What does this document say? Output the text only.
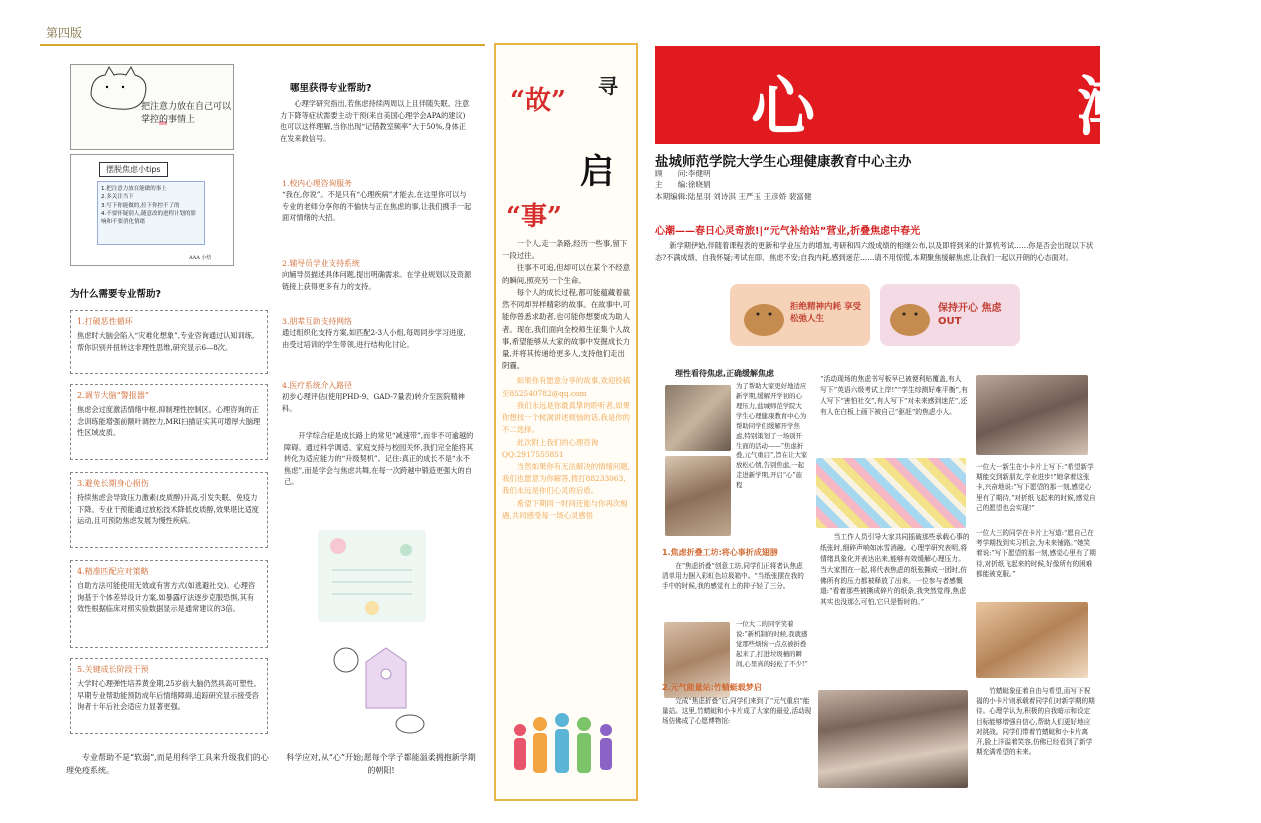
第四版
把注意力放在自己可以掌控的事情上
摆脱焦虑小tips
1.把注意力放在能做的事上
2.多关注当下
3.写下你能做的,拉下你控不了的
4.不要怀疑别人,随意改的进程计划的影响和不要消化情绪
AAA 小结
为什么需要专业帮助?
1.打破恶性循环
焦虑时大脑会陷入“灾难化想象”,专业咨询通过认知训练,帮你识别并扭转这非理性思维,研究显示6—8次。
2.调节大脑“警报器”
焦虑会过度激活情绪中枢,抑制理性控制区。心理咨询的正念训练能增强前额叶调控力,MRI扫描证实其可增厚大脑理性区域皮质。
3.避免长期身心损伤
持续焦虑会导致压力激素(皮质醇)升高,引发失眠、免疫力下降。专业干预能通过放松技术降低皮质醇,效果堪比适度运动,且可预防焦虑发展为慢性疾病。
4.精准匹配应对策略
自助方法可能使用无效或有害方式(如逃避社交)。心理咨询基于个体差异设计方案,如暴露疗法逐步克服恐惧,其有效性根据临床对照实验数据显示是通常建议的3倍。
5.关键成长阶段干预
大学时心理弹性培养黄金期,25岁前大脑仍然具高可塑性。早期专业帮助能预防成年后情绪障碍,追踪研究显示接受咨询者十年后社会适应力显著更强。
专业帮助不是“软弱”,而是用科学工具来升级我们的心理免疫系统。
哪里获得专业帮助?
心理学研究指出,若焦虑持续两周以上且伴随失眠、注意力下降等症状需要主动干预(来自美国心理学会APA的建议)也可以这样理解,当你出现“记错教室频率”大于50%,身体正在发来救信号。
1.校内心理咨询服务
“我在,你说”。不是只有“心理疾病”才能去,在这里你可以与专业的老师分享你的不愉快与正在焦虑的事,让我们携手一起面对情绪的大招。
2.辅导员学业支持系统
向辅导员描述具体问题,提出明确需求。在学业规划以及资源链接上获得更多有力的支持。
3.朋辈互助支持网络
通过组织化支持方案,如匹配2-3人小组,每周同步学习进度,由受过培训的学生带领,进行结构化讨论。
4.医疗系统介入路径
初步心理评估(使用PHD-9、GAD-7量表)转介至医院精神科。
开学综合症是成长路上的常见“减速带”,而非不可逾越的障碍。通过科学调适、家庭支持与校园关怀,我们完全能将其转化为适应能力的“升级契机”。记住:真正的成长不是“永不焦虑”,而是学会与焦虑共舞,在每一次跨越中锻造更强大的自己。
科学应对,从“心”开始;愿每个学子都能温柔拥抱新学期的朝阳!
“故” 寻
启
“事”
一个人,走一条路,经历一些事,留下一段过往。
往事不可追,但却可以在某个不经意的瞬间,照亮另一个生命。
每个人的成长过程,都可能蕴藏着截然不同却异样精彩的故事。在故事中,可能你曾悉求助者,也可能你想要成为助人者。现在,我们面向全校师生征集个人故事,希望能够从大家的故事中发掘成长力量,并将其传递给更多人,支持他们走出阴霾。
如果你有愿意分享的故事,欢迎投稿至852540782@qq.com
我们永远是你最真挚的聆听者,如果你想找一个树洞讲述烦恼的话,我是你的不二选择。
此次附上我们的心理咨询QQ:2917555851
当然如果你有无法解决的情绪问题,我们也愿意为你解答,拨打88233063,我们永远是你们心灵的后盾。
希望下期同一时间还能与你再次相遇,共同感受每一场心灵感悟
心 潮
盐城师范学院大学生心理健康教育中心主办
顾　　问:李健明
主　　编:徐晓娟
本期编辑:陆星羽 刘诗淇 王严玉 王彦娇 裴富健
心潮——春日心灵奇旅!|“元气补给站”营业,折叠焦虑中春光
新学期伊始,伴随着课程表的更新和学业压力的增加,考研和四六级成绩的相继公布,以及即将到来的计算机考试……你是否会出现以下状态?不满成绩、自我怀疑;考试在即、焦虑不安;自我内耗,感到迷茫……请不用惊慌,本期聚焦缓解焦虑,让我们一起以开朗的心态面对。
拒绝精神内耗 享受松弛人生
保持开心 焦虑OUT
理性看待焦虑,正确缓解焦虑
为了帮助大家更好地适应新学期,缓解开学初的心理压力,盐城师范学院大学生心理健康教育中心为帮助同学们缓解开学焦虑,特别策划了一场别开生面的活动——“焦虑折叠,元气重启”,旨在让大家放松心情,告别焦虑,一起走进新学期,开启“心”旅程
“活动现场的焦虑书写板早已被便利贴覆盖,有人写下“英语六级考试上岸!”“学生综测好难平衡”,有人写下“害怕社交”,有人写下“对未来感到迷茫”,还有人在白板上画下被自己“驱赶”的焦虑小人。
一位大一新生在小卡片上写下:“希望新学期能交到新朋友,学业进步!”她拿着这张卡,兴奋地说:“写下愿望的那一刻,感觉心里有了期待,“对折纸飞起来的时候,感觉自己的愿望也会实现!”
一位大三的同学在卡片上写道:“愿自己在考学期找到实习机会,为未来铺路。”她笑着说:“写下愿望的那一刻,感觉心里有了期待,对折纸飞起来的时候,好像所有的困难都能被克服。”
1.焦虑折叠工坊:将心事折成翅膀
在“焦虑折叠”创意工坊,同学们正将者认焦虑清单用力捆入彩虹色垃圾箱中。“当纸张摆在我的手中的时候,我的感觉有上的抑子轻了三分。
一位大二的同学笑着说:“新机制的时候,我就感觉那些烦恼一点点被折叠起来了,打进垃圾桶的瞬间,心里真的轻松了不少!”
当工作人员引导大家共同摇破那些承载心事的纸张时,细碎声响如冰雪消融。心理学研究表明,将情绪具象化并表达出来,能够有效缓解心理压力。当大家围在一起,将代表焦虑的纸张撕成一团时,仿佛所有的压力都被释放了出来。一位参与者感慨道:“看着那些被撕成碎片的纸条,我突然觉得,焦虑其实也没那么可怕,它只是暂时的。”
2.元气能量站:竹蜻蜓载梦启
完成“焦虑折叠”后,同学们来到了“元气重启”能量站。这里,竹蜻蜓和小卡片成了大家的最爱,活动现场仿佛成了心愿博物馆:
竹蜻蜓象征着自由与希望,而写下祝福的小卡片则承载着同学们对新学期的期待。心理学认为,积极的自我暗示和设定目标能够增强自信心,帮助人们更好地应对挑战。同学们带着竹蜻蜓和小卡片离开,脸上洋溢着笑容,仿佛已经看到了新学期充满希望的未来。
